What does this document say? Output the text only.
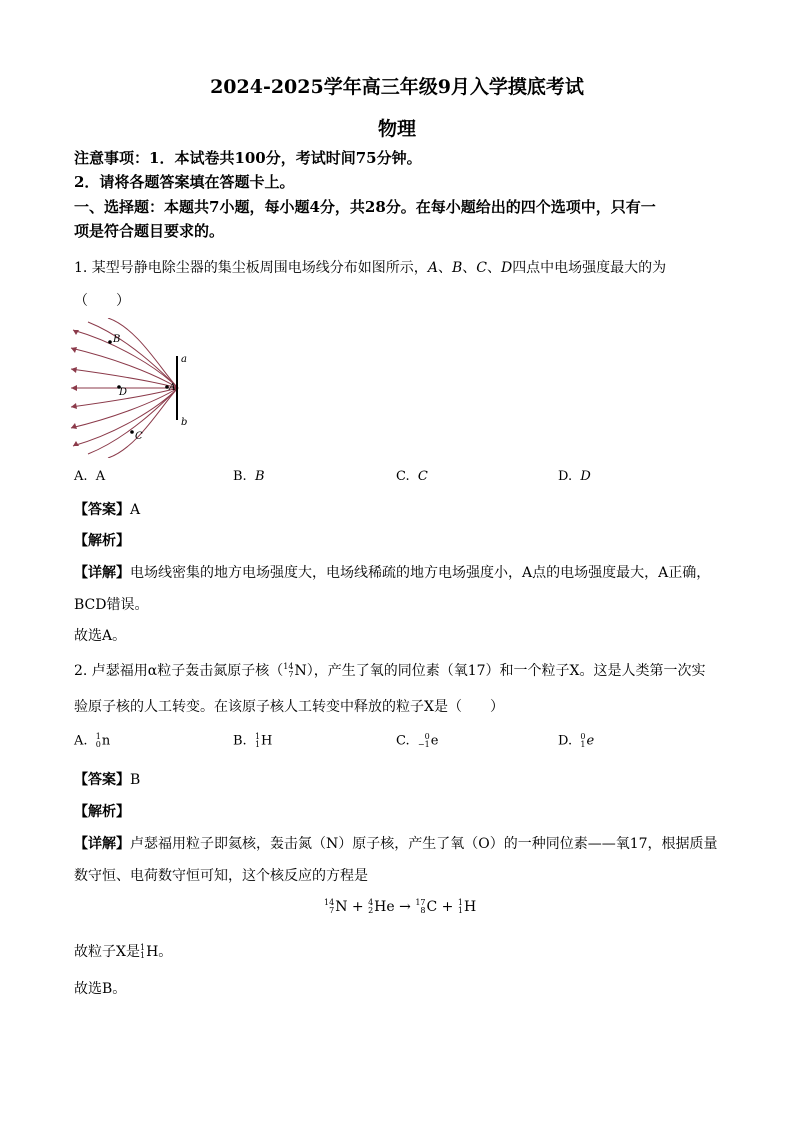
2024-2025学年高三年级9月入学摸底考试
物理
注意事项：1．本试卷共100分，考试时间75分钟。
2．请将各题答案填在答题卡上。
一、选择题：本题共7小题，每小题4分，共28分。在每小题给出的四个选项中，只有一
项是符合题目要求的。
1. 某型号静电除尘器的集尘板周围电场线分布如图所示，A、B、C、D四点中电场强度最大的为
（　　）
a
b
B
D	A
C
A. A	B. B	C. C	D. D
【答案】A
【解析】
【详解】电场线密集的地方电场强度大，电场线稀疏的地方电场强度小，A点的电场强度最大，A正确，
BCD错误。
故选A。
2. 卢瑟福用α粒子轰击氮原子核（ 14
7 N），产生了氧的同位素（氧17）和一个粒子X。这是人类第一次实
验原子核的人工转变。在该原子核人工转变中释放的粒子X是（　　）
A. 1
0 n	B. 1
1 H	C.	0
−1 e	D. 0
1 e
【答案】B
【解析】
【详解】卢瑟福用粒子即氦核，轰击氮（N）原子核，产生了氧（O）的一种同位素——氧17，根据质量
数守恒、电荷数守恒可知，这个核反应的方程是
14
7 N + 4
2 He → 17
8 C + 1
1 H
故粒子X是 1
1 H。
故选B。
